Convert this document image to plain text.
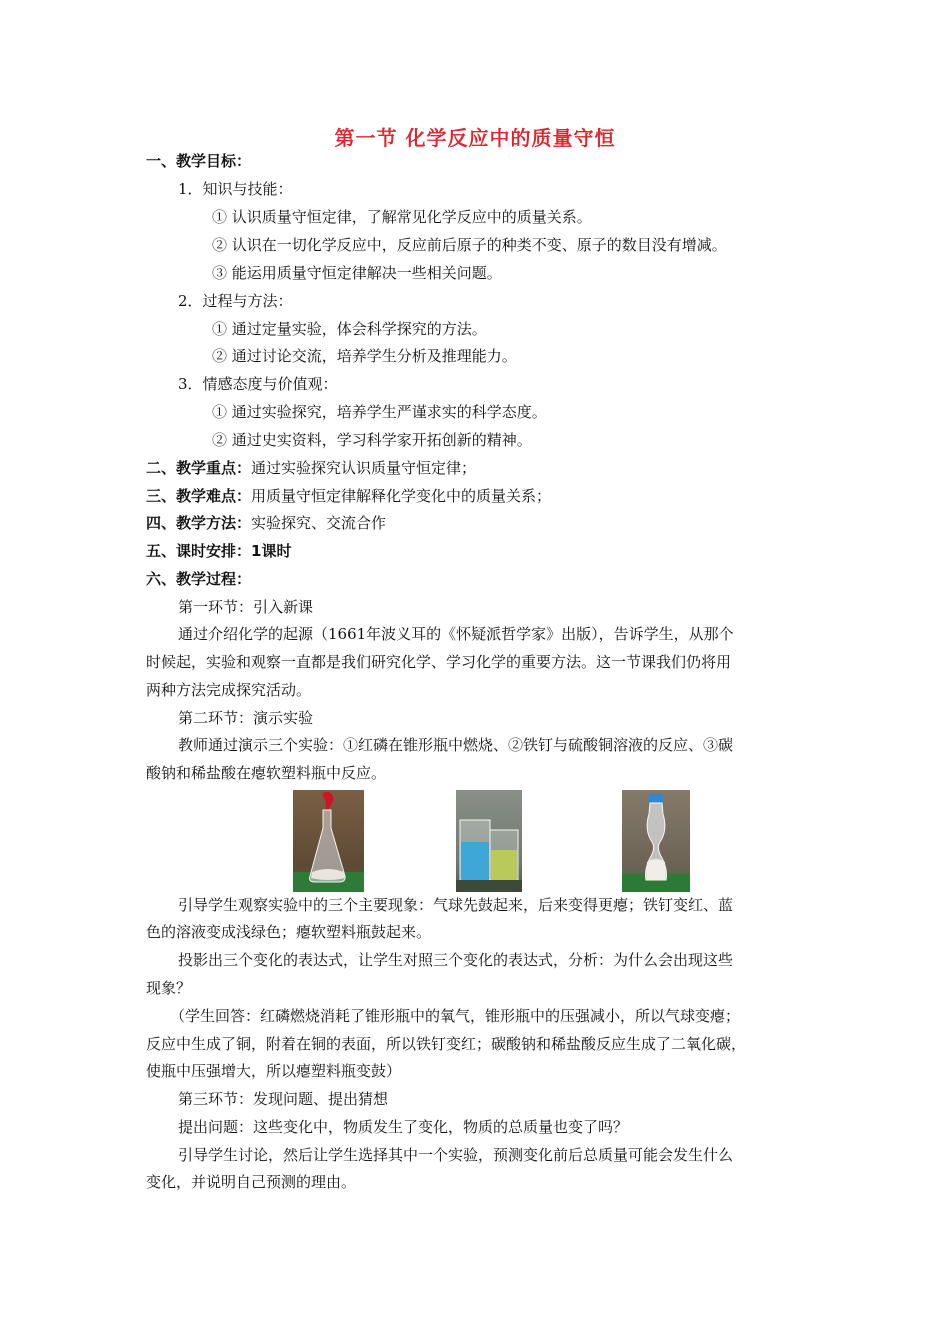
第一节 化学反应中的质量守恒
一、教学目标：
1．知识与技能：
① 认识质量守恒定律，了解常见化学反应中的质量关系。
② 认识在一切化学反应中，反应前后原子的种类不变、原子的数目没有增减。
③ 能运用质量守恒定律解决一些相关问题。
2．过程与方法：
① 通过定量实验，体会科学探究的方法。
② 通过讨论交流，培养学生分析及推理能力。
3．情感态度与价值观：
① 通过实验探究，培养学生严谨求实的科学态度。
② 通过史实资料，学习科学家开拓创新的精神。
二、教学重点：通过实验探究认识质量守恒定律；
三、教学难点：用质量守恒定律解释化学变化中的质量关系；
四、教学方法：实验探究、交流合作
五、课时安排：1课时
六、教学过程：
第一环节：引入新课
通过介绍化学的起源（1661年波义耳的《怀疑派哲学家》出版），告诉学生，从那个
时候起，实验和观察一直都是我们研究化学、学习化学的重要方法。这一节课我们仍将用
两种方法完成探究活动。
第二环节：演示实验
教师通过演示三个实验：①红磷在锥形瓶中燃烧、②铁钉与硫酸铜溶液的反应、③碳
酸钠和稀盐酸在瘪软塑料瓶中反应。
引导学生观察实验中的三个主要现象：气球先鼓起来，后来变得更瘪；铁钉变红、蓝
色的溶液变成浅绿色；瘪软塑料瓶鼓起来。
投影出三个变化的表达式，让学生对照三个变化的表达式，分析：为什么会出现这些
现象？
（学生回答：红磷燃烧消耗了锥形瓶中的氧气，锥形瓶中的压强减小，所以气球变瘪；
反应中生成了铜，附着在铜的表面，所以铁钉变红；碳酸钠和稀盐酸反应生成了二氧化碳，
使瓶中压强增大，所以瘪塑料瓶变鼓）
第三环节：发现问题、提出猜想
提出问题：这些变化中，物质发生了变化，物质的总质量也变了吗？
引导学生讨论，然后让学生选择其中一个实验，预测变化前后总质量可能会发生什么
变化，并说明自己预测的理由。
